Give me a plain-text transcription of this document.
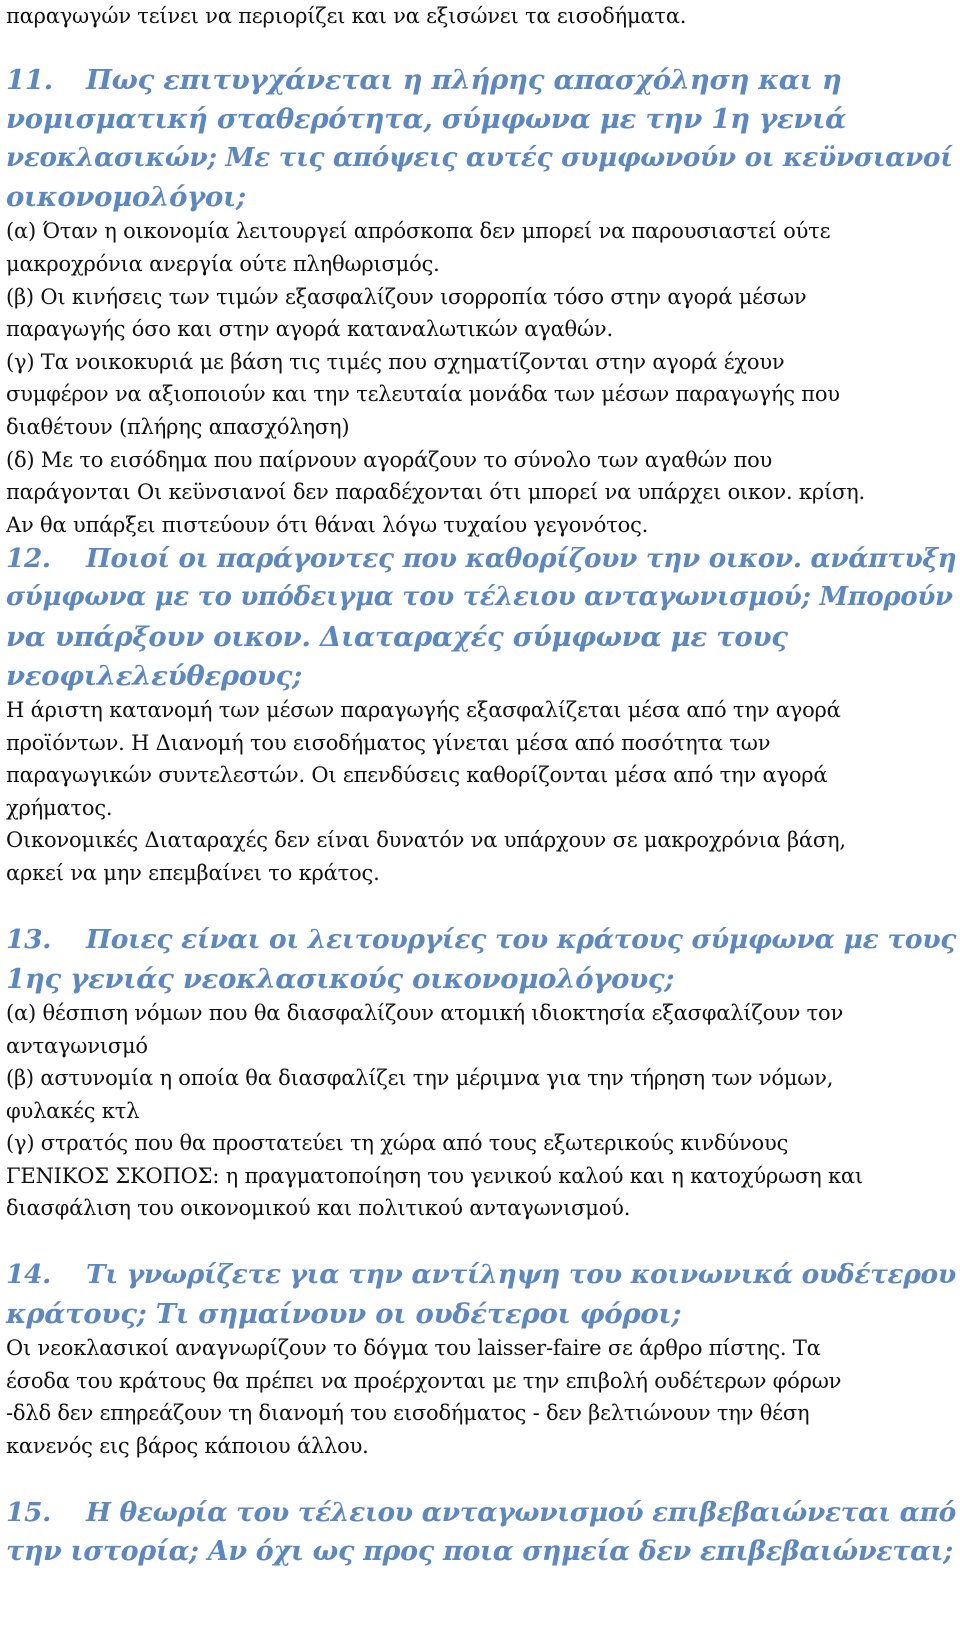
παραγωγών τείνει να περιορίζει και να εξισώνει τα εισοδήματα.
11. Πως επιτυγχάνεται η πλήρης απασχόληση και η
νομισματική σταθερότητα, σύμφωνα με την 1η γενιά
νεοκλασικών; Με τις απόψεις αυτές συμφωνούν οι κεϋνσιανοί
οικονομολόγοι;
(α) Όταν η οικονομία λειτουργεί απρόσκοπα δεν μπορεί να παρουσιαστεί ούτε
μακροχρόνια ανεργία ούτε πληθωρισμός.
(β) Οι κινήσεις των τιμών εξασφαλίζουν ισορροπία τόσο στην αγορά μέσων
παραγωγής όσο και στην αγορά καταναλωτικών αγαθών.
(γ) Τα νοικοκυριά με βάση τις τιμές που σχηματίζονται στην αγορά έχουν
συμφέρον να αξιοποιούν και την τελευταία μονάδα των μέσων παραγωγής που
διαθέτουν (πλήρης απασχόληση)
(δ) Με το εισόδημα που παίρνουν αγοράζουν το σύνολο των αγαθών που
παράγονται Οι κεϋνσιανοί δεν παραδέχονται ότι μπορεί να υπάρχει οικον. κρίση.
Αν θα υπάρξει πιστεύουν ότι θάναι λόγω τυχαίου γεγονότος.
12. Ποιοί οι παράγοντες που καθορίζουν την οικον. ανάπτυξη
σύμφωνα με το υπόδειγμα του τέλειου ανταγωνισμού; Μπορούν
να υπάρξουν οικον. Διαταραχές σύμφωνα με τους
νεοφιλελεύθερους;
Η άριστη κατανομή των μέσων παραγωγής εξασφαλίζεται μέσα από την αγορά
προϊόντων. Η Διανομή του εισοδήματος γίνεται μέσα από ποσότητα των
παραγωγικών συντελεστών. Οι επενδύσεις καθορίζονται μέσα από την αγορά
χρήματος.
Οικονομικές Διαταραχές δεν είναι δυνατόν να υπάρχουν σε μακροχρόνια βάση,
αρκεί να μην επεμβαίνει το κράτος.
13. Ποιες είναι οι λειτουργίες του κράτους σύμφωνα με τους
1ης γενιάς νεοκλασικούς οικονομολόγους;
(α) θέσπιση νόμων που θα διασφαλίζουν ατομική ιδιοκτησία εξασφαλίζουν τον
ανταγωνισμό
(β) αστυνομία η οποία θα διασφαλίζει την μέριμνα για την τήρηση των νόμων,
φυλακές κτλ
(γ) στρατός που θα προστατεύει τη χώρα από τους εξωτερικούς κινδύνους
ΓΕΝΙΚΟΣ ΣΚΟΠΟΣ: η πραγματοποίηση του γενικού καλού και η κατοχύρωση και
διασφάλιση του οικονομικού και πολιτικού ανταγωνισμού.
14. Τι γνωρίζετε για την αντίληψη του κοινωνικά ουδέτερου
κράτους; Τι σημαίνουν οι ουδέτεροι φόροι;
Οι νεοκλασικοί αναγνωρίζουν το δόγμα του laisser-faire σε άρθρο πίστης. Τα
έσοδα του κράτους θα πρέπει να προέρχονται με την επιβολή ουδέτερων φόρων
-δλδ δεν επηρεάζουν τη διανομή του εισοδήματος - δεν βελτιώνουν την θέση
κανενός εις βάρος κάποιου άλλου.
15. Η θεωρία του τέλειου ανταγωνισμού επιβεβαιώνεται από
την ιστορία; Αν όχι ως προς ποια σημεία δεν επιβεβαιώνεται;
